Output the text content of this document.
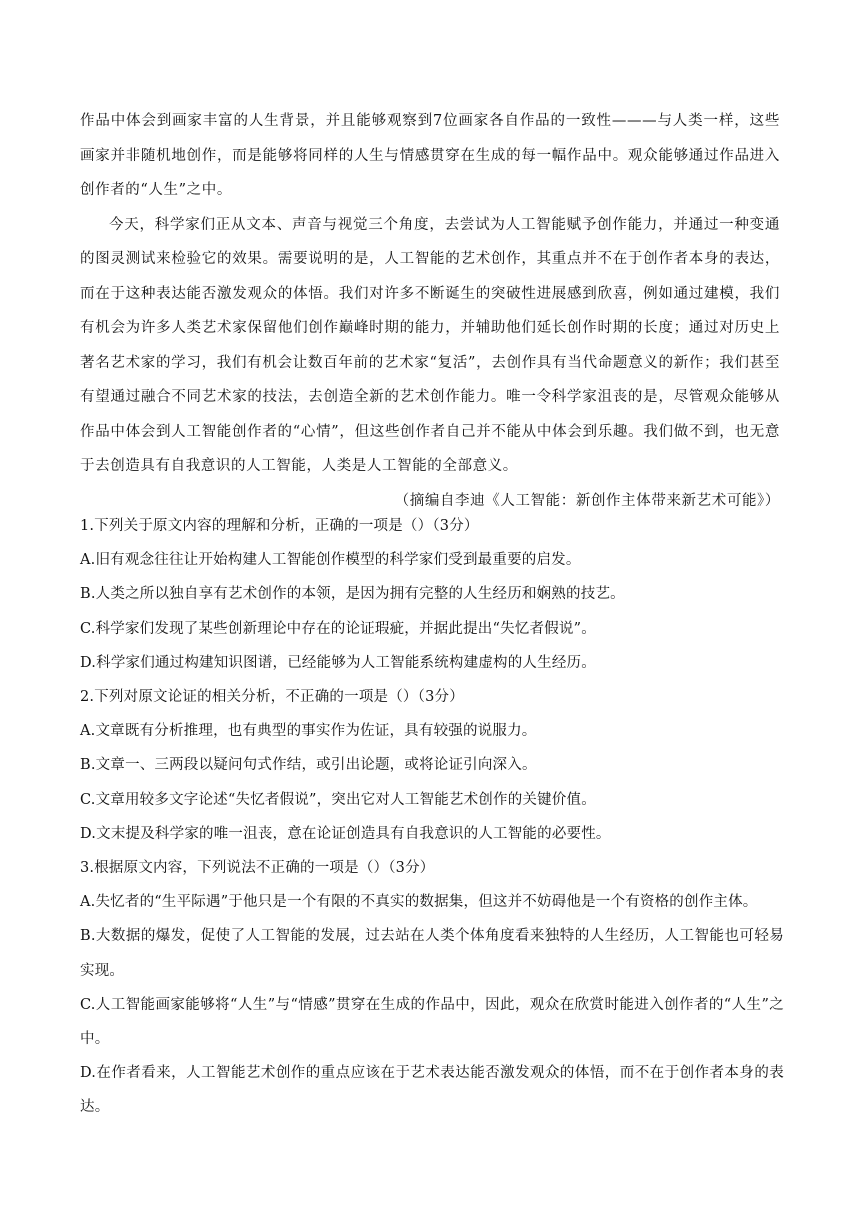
作品中体会到画家丰富的人生背景，并且能够观察到7位画家各自作品的一致性———与人类一样，这些画家并非随机地创作，而是能够将同样的人生与情感贯穿在生成的每一幅作品中。观众能够通过作品进入创作者的“人生”之中。

今天，科学家们正从文本、声音与视觉三个角度，去尝试为人工智能赋予创作能力，并通过一种变通的图灵测试来检验它的效果。需要说明的是，人工智能的艺术创作，其重点并不在于创作者本身的表达，而在于这种表达能否激发观众的体悟。我们对许多不断诞生的突破性进展感到欣喜，例如通过建模，我们有机会为许多人类艺术家保留他们创作巅峰时期的能力，并辅助他们延长创作时期的长度；通过对历史上著名艺术家的学习，我们有机会让数百年前的艺术家“复活”，去创作具有当代命题意义的新作；我们甚至有望通过融合不同艺术家的技法，去创造全新的艺术创作能力。唯一令科学家沮丧的是，尽管观众能够从作品中体会到人工智能创作者的“心情”，但这些创作者自己并不能从中体会到乐趣。我们做不到，也无意于去创造具有自我意识的人工智能，人类是人工智能的全部意义。

（摘编自李迪《人工智能：新创作主体带来新艺术可能》）

1.下列关于原文内容的理解和分析，正确的一项是（）（3分）
A.旧有观念往往让开始构建人工智能创作模型的科学家们受到最重要的启发。
B.人类之所以独自享有艺术创作的本领，是因为拥有完整的人生经历和娴熟的技艺。
C.科学家们发现了某些创新理论中存在的论证瑕疵，并据此提出“失忆者假说”。
D.科学家们通过构建知识图谱，已经能够为人工智能系统构建虚构的人生经历。
2.下列对原文论证的相关分析，不正确的一项是（）（3分）
A.文章既有分析推理，也有典型的事实作为佐证，具有较强的说服力。
B.文章一、三两段以疑问句式作结，或引出论题，或将论证引向深入。
C.文章用较多文字论述“失忆者假说”，突出它对人工智能艺术创作的关键价值。
D.文末提及科学家的唯一沮丧，意在论证创造具有自我意识的人工智能的必要性。
3.根据原文内容，下列说法不正确的一项是（）（3分）
A.失忆者的“生平际遇”于他只是一个有限的不真实的数据集，但这并不妨碍他是一个有资格的创作主体。
B.大数据的爆发，促使了人工智能的发展，过去站在人类个体角度看来独特的人生经历，人工智能也可轻易实现。
C.人工智能画家能够将“人生”与“情感”贯穿在生成的作品中，因此，观众在欣赏时能进入创作者的“人生”之中。
D.在作者看来，人工智能艺术创作的重点应该在于艺术表达能否激发观众的体悟，而不在于创作者本身的表达。
